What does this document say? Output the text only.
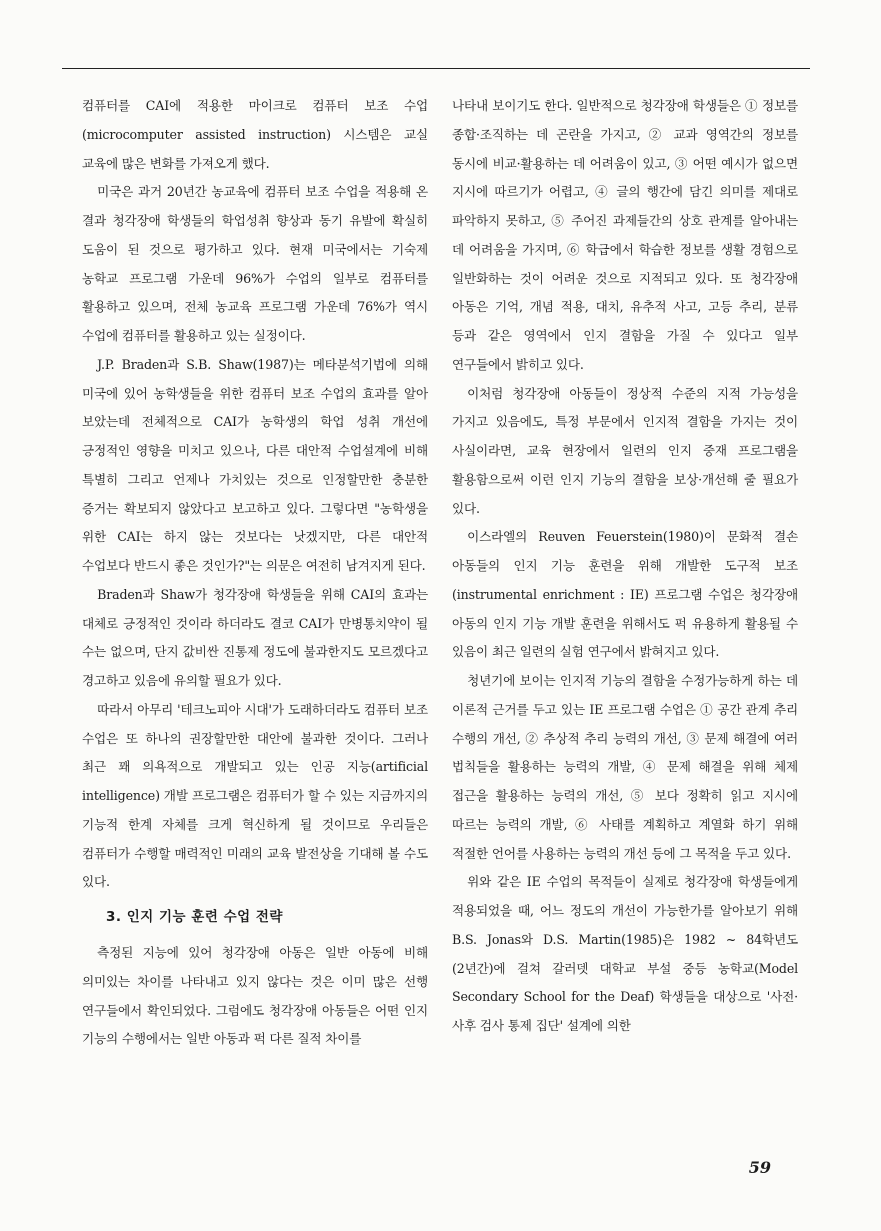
컴퓨터를 CAI에 적용한 마이크로 컴퓨터 보조 수업(microcomputer assisted instruction) 시스템은 교실 교육에 많은 변화를 가져오게 했다.

미국은 과거 20년간 농교육에 컴퓨터 보조 수업을 적용해 온 결과 청각장애 학생들의 학업성취 향상과 동기 유발에 확실히 도움이 된 것으로 평가하고 있다. 현재 미국에서는 기숙제 농학교 프로그램 가운데 96%가 수업의 일부로 컴퓨터를 활용하고 있으며, 전체 농교육 프로그램 가운데 76%가 역시 수업에 컴퓨터를 활용하고 있는 실정이다.

J.P. Braden과 S.B. Shaw(1987)는 메타분석기법에 의해 미국에 있어 농학생들을 위한 컴퓨터 보조 수업의 효과를 알아 보았는데 전체적으로 CAI가 농학생의 학업 성취 개선에 긍정적인 영향을 미치고 있으나, 다른 대안적 수업설계에 비해 특별히 그리고 언제나 가치있는 것으로 인정할만한 충분한 증거는 확보되지 않았다고 보고하고 있다. 그렇다면 "농학생을 위한 CAI는 하지 않는 것보다는 낫겠지만, 다른 대안적 수업보다 반드시 좋은 것인가?"는 의문은 여전히 남겨지게 된다.

Braden과 Shaw가 청각장애 학생들을 위해 CAI의 효과는 대체로 긍정적인 것이라 하더라도 결코 CAI가 만병통치약이 될 수는 없으며, 단지 값비싼 진통제 정도에 불과한지도 모르겠다고 경고하고 있음에 유의할 필요가 있다.

따라서 아무리 '테크노피아 시대'가 도래하더라도 컴퓨터 보조 수업은 또 하나의 권장할만한 대안에 불과한 것이다. 그러나 최근 꽤 의욕적으로 개발되고 있는 인공 지능(artificial intelligence) 개발 프로그램은 컴퓨터가 할 수 있는 지금까지의 기능적 한계 자체를 크게 혁신하게 될 것이므로 우리들은 컴퓨터가 수행할 매력적인 미래의 교육 발전상을 기대해 볼 수도 있다.

3. 인지 기능 훈련 수업 전략

측정된 지능에 있어 청각장애 아동은 일반 아동에 비해 의미있는 차이를 나타내고 있지 않다는 것은 이미 많은 선행 연구들에서 확인되었다. 그럼에도 청각장애 아동들은 어떤 인지 기능의 수행에서는 일반 아동과 퍽 다른 질적 차이를

나타내 보이기도 한다. 일반적으로 청각장애 학생들은 ① 정보를 종합·조직하는 데 곤란을 가지고, ② 교과 영역간의 정보를 동시에 비교·활용하는 데 어려움이 있고, ③ 어떤 예시가 없으면 지시에 따르기가 어렵고, ④ 글의 행간에 담긴 의미를 제대로 파악하지 못하고, ⑤ 주어진 과제들간의 상호 관계를 알아내는 데 어려움을 가지며, ⑥ 학급에서 학습한 정보를 생활 경험으로 일반화하는 것이 어려운 것으로 지적되고 있다. 또 청각장애 아동은 기억, 개념 적용, 대치, 유추적 사고, 고등 추리, 분류 등과 같은 영역에서 인지 결함을 가질 수 있다고 일부 연구들에서 밝히고 있다.

이처럼 청각장애 아동들이 정상적 수준의 지적 가능성을 가지고 있음에도, 특정 부문에서 인지적 결함을 가지는 것이 사실이라면, 교육 현장에서 일련의 인지 중재 프로그램을 활용함으로써 이런 인지 기능의 결함을 보상·개선해 줄 필요가 있다.

이스라엘의 Reuven Feuerstein(1980)이 문화적 결손 아동들의 인지 기능 훈련을 위해 개발한 도구적 보조(instrumental enrichment : IE) 프로그램 수업은 청각장애 아동의 인지 기능 개발 훈련을 위해서도 퍽 유용하게 활용될 수 있음이 최근 일련의 실험 연구에서 밝혀지고 있다.

청년기에 보이는 인지적 기능의 결함을 수정가능하게 하는 데 이론적 근거를 두고 있는 IE 프로그램 수업은 ① 공간 관계 추리 수행의 개선, ② 추상적 추리 능력의 개선, ③ 문제 해결에 여러 법칙들을 활용하는 능력의 개발, ④ 문제 해결을 위해 체제 접근을 활용하는 능력의 개선, ⑤ 보다 정확히 읽고 지시에 따르는 능력의 개발, ⑥ 사태를 계획하고 계열화 하기 위해 적절한 언어를 사용하는 능력의 개선 등에 그 목적을 두고 있다.

위와 같은 IE 수업의 목적들이 실제로 청각장애 학생들에게 적용되었을 때, 어느 정도의 개선이 가능한가를 알아보기 위해 B.S. Jonas와 D.S. Martin(1985)은 1982 ~ 84학년도(2년간)에 걸쳐 갈러뎃 대학교 부설 중등 농학교(Model Secondary School for the Deaf) 학생들을 대상으로 '사전·사후 검사 통제 집단' 설계에 의한

59
